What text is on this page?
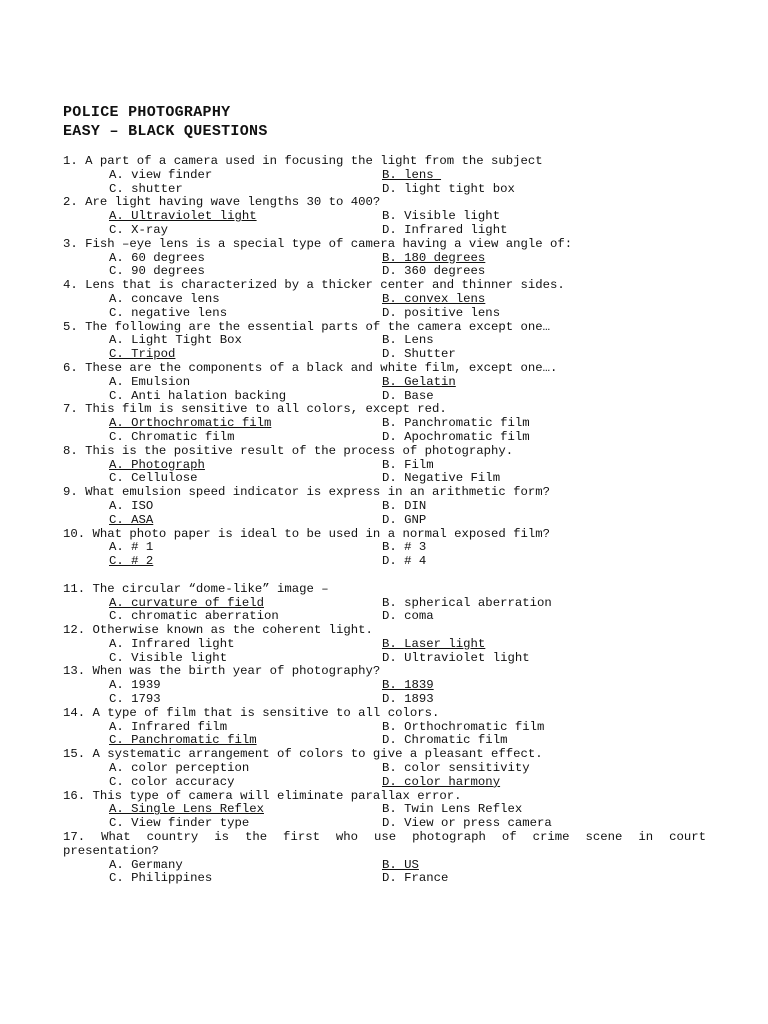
POLICE PHOTOGRAPHY
EASY – BLACK QUESTIONS
1. A part of a camera used in focusing the light from the subject
A. view finder	B. lens
C. shutter	D. light tight box
2. Are light having wave lengths 30 to 400?
A. Ultraviolet light	B. Visible light
C. X-ray	D. Infrared light
3. Fish –eye lens is a special type of camera having a view angle of:
A. 60 degrees	B. 180 degrees
C. 90 degrees	D. 360 degrees
4. Lens that is characterized by a thicker center and thinner sides.
A. concave lens	B. convex lens
C. negative lens	D. positive lens
5. The following are the essential parts of the camera except one…
A. Light Tight Box	B. Lens
C. Tripod	D. Shutter
6. These are the components of a black and white film, except one….
A. Emulsion	B. Gelatin
C. Anti halation backing	D. Base
7. This film is sensitive to all colors, except red.
A. Orthochromatic film	B. Panchromatic film
C. Chromatic film	D. Apochromatic film
8. This is the positive result of the process of photography.
A. Photograph	B. Film
C. Cellulose	D. Negative Film
9. What emulsion speed indicator is express in an arithmetic form?
A. ISO	B. DIN
C. ASA	D. GNP
10. What photo paper is ideal to be used in a normal exposed film?
A. # 1	B. # 3
C. # 2	D. # 4
11. The circular “dome-like” image –
A. curvature of field	B. spherical aberration
C. chromatic aberration	D. coma
12. Otherwise known as the coherent light.
A. Infrared light	B. Laser light
C. Visible light	D. Ultraviolet light
13. When was the birth year of photography?
A. 1939	B. 1839
C. 1793	D. 1893
14. A type of film that is sensitive to all colors.
A. Infrared film	B. Orthochromatic film
C. Panchromatic film	D. Chromatic film
15. A systematic arrangement of colors to give a pleasant effect.
A. color perception	B. color sensitivity
C. color accuracy	D. color harmony
16. This type of camera will eliminate parallax error.
A. Single Lens Reflex	B. Twin Lens Reflex
C. View finder type	D. View or press camera
17. What country is the first who use photograph of crime scene in court presentation?
A. Germany	B. US
C. Philippines	D. France
